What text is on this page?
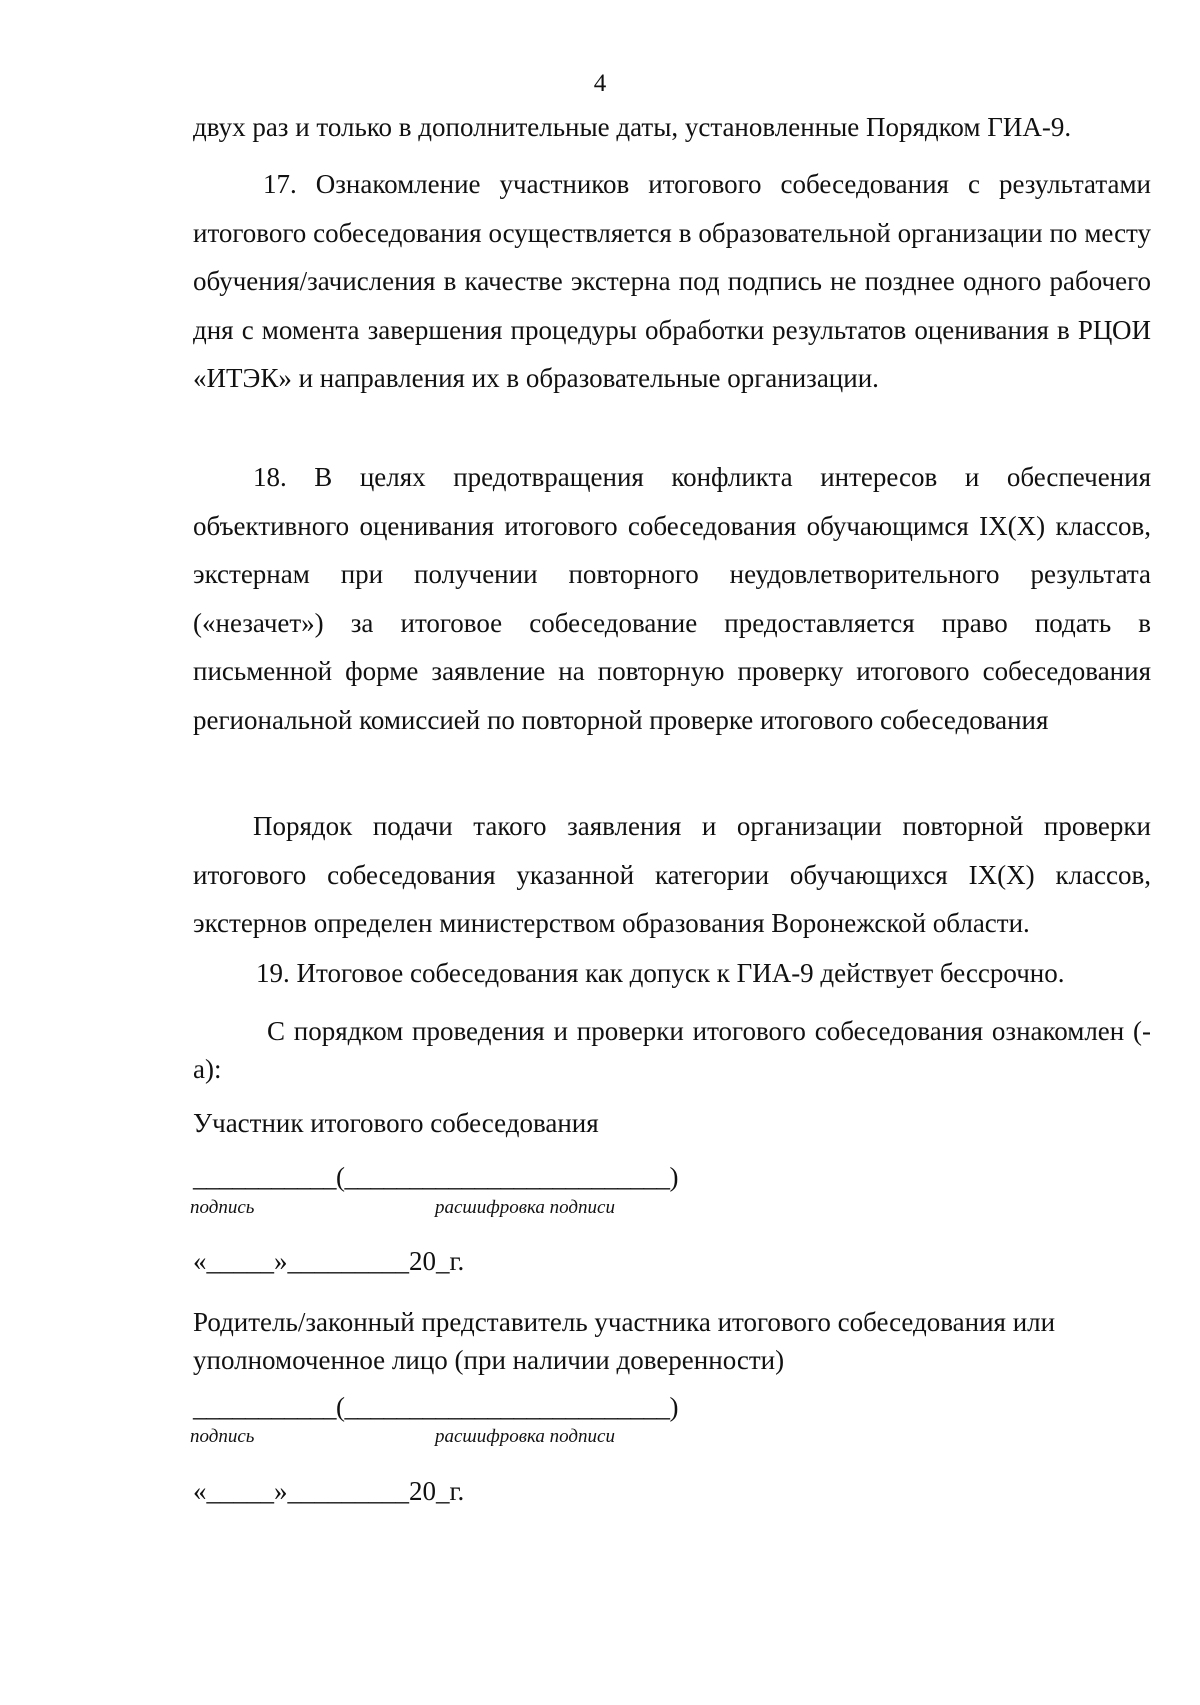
4

двух раз и только в дополнительные даты, установленные Порядком ГИА-9.

17. Ознакомление участников итогового собеседования с результатами итогового собеседования осуществляется в образовательной организации по месту обучения/зачисления в качестве экстерна под подпись не позднее одного рабочего дня с момента завершения процедуры обработки результатов оценивания в РЦОИ «ИТЭК» и направления их в образовательные организации.

18. В целях предотвращения конфликта интересов и обеспечения объективного оценивания итогового собеседования обучающимся IX(X) классов, экстернам при получении повторного неудовлетворительного результата («незачет») за итоговое собеседование предоставляется право подать в письменной форме заявление на повторную проверку итогового собеседования региональной комиссией по повторной проверке итогового собеседования

Порядок подачи такого заявления и организации повторной проверки итогового собеседования указанной категории обучающихся IX(X) классов, экстернов определен министерством образования Воронежской области.

19. Итоговое собеседования как допуск к ГИА-9 действует бессрочно.

С порядком проведения и проверки итогового собеседования ознакомлен (-а):

Участник итогового собеседования
___________(_________________________)
подпись	расшифровка подписи
«_____»_________20_г.

Родитель/законный представитель участника итогового собеседования или уполномоченное лицо (при наличии доверенности)

___________(_________________________)
подпись	расшифровка подписи
«_____»_________20_г.
